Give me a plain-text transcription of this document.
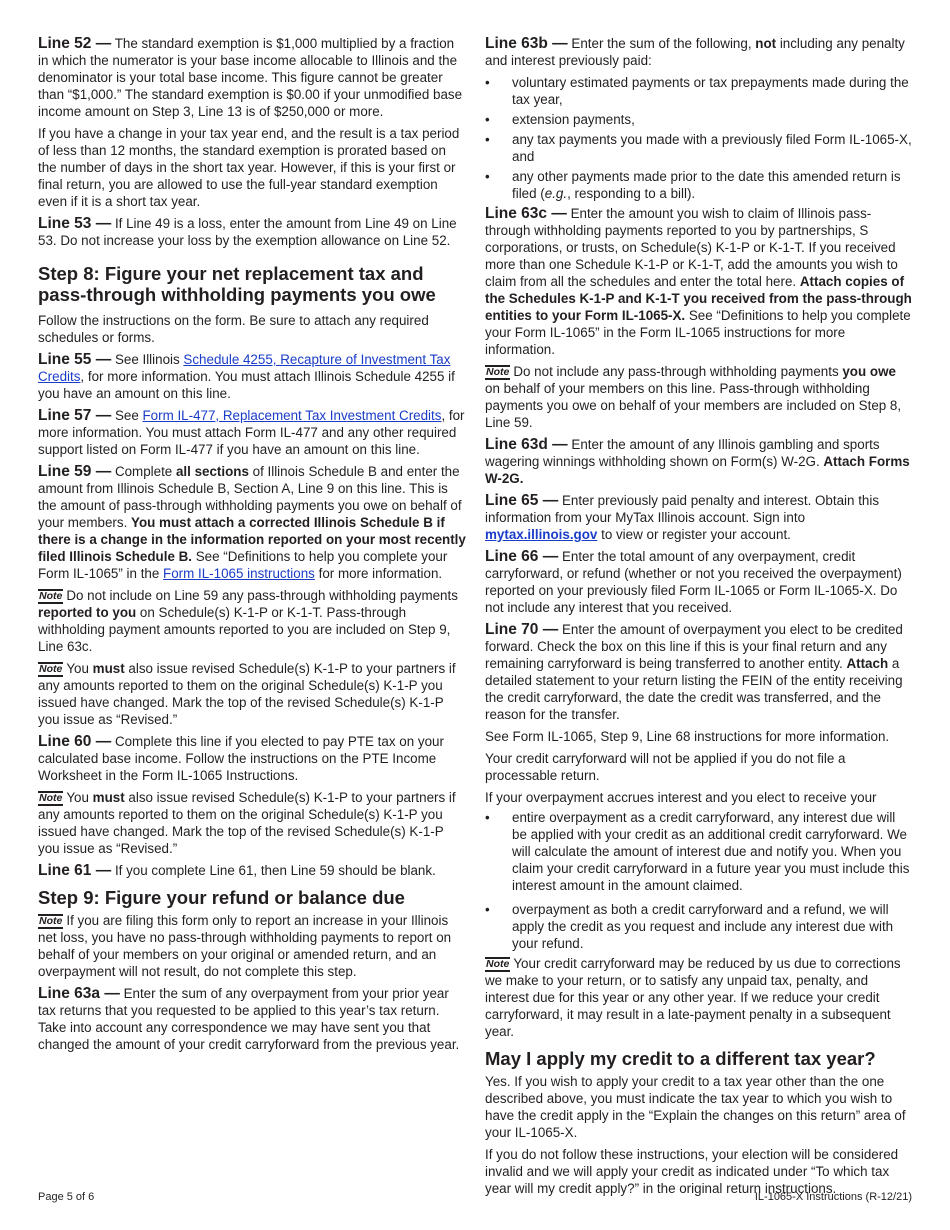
Line 52 — The standard exemption is $1,000 multiplied by a fraction in which the numerator is your base income allocable to Illinois and the denominator is your total base income. This figure cannot be greater than “$1,000.” The standard exemption is $0.00 if your unmodified base income amount on Step 3, Line 13 is of $250,000 or more.

If you have a change in your tax year end, and the result is a tax period of less than 12 months, the standard exemption is prorated based on the number of days in the short tax year. However, if this is your first or final return, you are allowed to use the full-year standard exemption even if it is a short tax year.

Line 53 — If Line 49 is a loss, enter the amount from Line 49 on Line 53. Do not increase your loss by the exemption allowance on Line 52.

Step 8: Figure your net replacement tax and pass-through withholding payments you owe

Follow the instructions on the form. Be sure to attach any required schedules or forms.

Line 55 — See Illinois Schedule 4255, Recapture of Investment Tax Credits, for more information. You must attach Illinois Schedule 4255 if you have an amount on this line.

Line 57 — See Form IL-477, Replacement Tax Investment Credits, for more information. You must attach Form IL-477 and any other required support listed on Form IL-477 if you have an amount on this line.

Line 59 — Complete all sections of Illinois Schedule B and enter the amount from Illinois Schedule B, Section A, Line 9 on this line. This is the amount of pass-through withholding payments you owe on behalf of your members. You must attach a corrected Illinois Schedule B if there is a change in the information reported on your most recently filed Illinois Schedule B. See “Definitions to help you complete your Form IL-1065” in the Form IL-1065 instructions for more information.

Note Do not include on Line 59 any pass-through withholding payments reported to you on Schedule(s) K-1-P or K-1-T. Pass-through withholding payment amounts reported to you are included on Step 9, Line 63c.

Note You must also issue revised Schedule(s) K-1-P to your partners if any amounts reported to them on the original Schedule(s) K-1-P you issued have changed. Mark the top of the revised Schedule(s) K-1-P you issue as “Revised.”

Line 60 — Complete this line if you elected to pay PTE tax on your calculated base income. Follow the instructions on the PTE Income Worksheet in the Form IL-1065 Instructions.

Note You must also issue revised Schedule(s) K-1-P to your partners if any amounts reported to them on the original Schedule(s) K-1-P you issued have changed. Mark the top of the revised Schedule(s) K-1-P you issue as “Revised.”

Line 61 — If you complete Line 61, then Line 59 should be blank.

Step 9: Figure your refund or balance due

Note If you are filing this form only to report an increase in your Illinois net loss, you have no pass-through withholding payments to report on behalf of your members on your original or amended return, and an overpayment will not result, do not complete this step.

Line 63a — Enter the sum of any overpayment from your prior year tax returns that you requested to be applied to this year’s tax return. Take into account any correspondence we may have sent you that changed the amount of your credit carryforward from the previous year.

Line 63b — Enter the sum of the following, not including any penalty and interest previously paid:

• voluntary estimated payments or tax prepayments made during the tax year,
• extension payments,
• any tax payments you made with a previously filed Form IL-1065-X, and
• any other payments made prior to the date this amended return is filed (e.g., responding to a bill).

Line 63c — Enter the amount you wish to claim of Illinois pass-through withholding payments reported to you by partnerships, S corporations, or trusts, on Schedule(s) K-1-P or K-1-T. If you received more than one Schedule K-1-P or K-1-T, add the amounts you wish to claim from all the schedules and enter the total here. Attach copies of the Schedules K-1-P and K-1-T you received from the pass-through entities to your Form IL-1065-X. See “Definitions to help you complete your Form IL-1065” in the Form IL-1065 instructions for more information.

Note Do not include any pass-through withholding payments you owe on behalf of your members on this line. Pass-through withholding payments you owe on behalf of your members are included on Step 8, Line 59.

Line 63d — Enter the amount of any Illinois gambling and sports wagering winnings withholding shown on Form(s) W-2G. Attach Forms W-2G.

Line 65 — Enter previously paid penalty and interest. Obtain this information from your MyTax Illinois account. Sign into mytax.illinois.gov to view or register your account.

Line 66 — Enter the total amount of any overpayment, credit carryforward, or refund (whether or not you received the overpayment) reported on your previously filed Form IL-1065 or Form IL-1065-X. Do not include any interest that you received.

Line 70 — Enter the amount of overpayment you elect to be credited forward. Check the box on this line if this is your final return and any remaining carryforward is being transferred to another entity. Attach a detailed statement to your return listing the FEIN of the entity receiving the credit carryforward, the date the credit was transferred, and the reason for the transfer.

See Form IL-1065, Step 9, Line 68 instructions for more information.

Your credit carryforward will not be applied if you do not file a processable return.

If your overpayment accrues interest and you elect to receive your

• entire overpayment as a credit carryforward, any interest due will be applied with your credit as an additional credit carryforward. We will calculate the amount of interest due and notify you. When you claim your credit carryforward in a future year you must include this interest amount in the amount claimed.
• overpayment as both a credit carryforward and a refund, we will apply the credit as you request and include any interest due with your refund.

Note Your credit carryforward may be reduced by us due to corrections we make to your return, or to satisfy any unpaid tax, penalty, and interest due for this year or any other year. If we reduce your credit carryforward, it may result in a late-payment penalty in a subsequent year.

May I apply my credit to a different tax year?

Yes. If you wish to apply your credit to a tax year other than the one described above, you must indicate the tax year to which you wish to have the credit apply in the “Explain the changes on this return” area of your IL-1065-X.

If you do not follow these instructions, your election will be considered invalid and we will apply your credit as indicated under “To which tax year will my credit apply?” in the original return instructions.

Page 5 of 6	IL-1065-X Instructions (R-12/21)
